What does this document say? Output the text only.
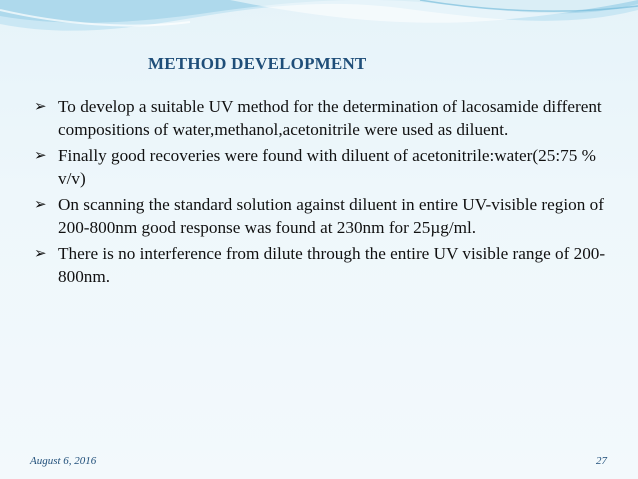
METHOD DEVELOPMENT
➢ To develop a suitable UV method for the determination of lacosamide different compositions of water,methanol,acetonitrile were used as diluent.
➢ Finally good recoveries were found with diluent of acetonitrile:water(25:75 % v/v)
➢ On scanning the standard solution against diluent in entire UV-visible region of 200-800nm good response was found at 230nm for 25µg/ml.
➢ There is no interference from dilute through the entire UV visible range of 200-800nm.
August 6, 2016	27
